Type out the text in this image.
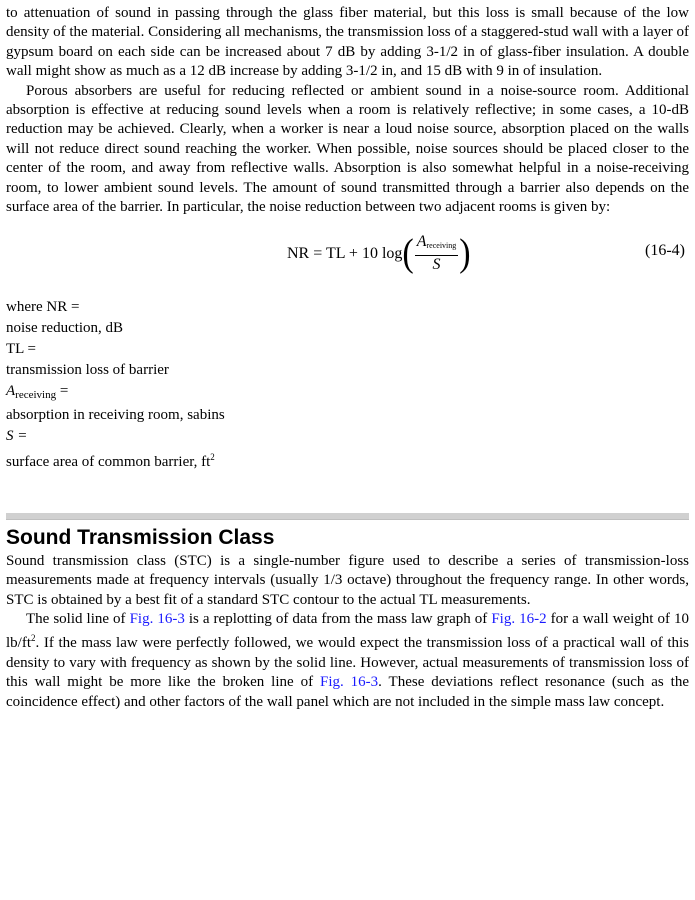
to attenuation of sound in passing through the glass fiber material, but this loss is small because of the low density of the material. Considering all mechanisms, the transmission loss of a staggered-stud wall with a layer of gypsum board on each side can be increased about 7 dB by adding 3-1/2 in of glass-fiber insulation. A double wall might show as much as a 12 dB increase by adding 3-1/2 in, and 15 dB with 9 in of insulation.

Porous absorbers are useful for reducing reflected or ambient sound in a noise-source room. Additional absorption is effective at reducing sound levels when a room is relatively reflective; in some cases, a 10-dB reduction may be achieved. Clearly, when a worker is near a loud noise source, absorption placed on the walls will not reduce direct sound reaching the worker. When possible, noise sources should be placed closer to the center of the room, and away from reflective walls. Absorption is also somewhat helpful in a noise-receiving room, to lower ambient sound levels. The amount of sound transmitted through a barrier also depends on the surface area of the barrier. In particular, the noise reduction between two adjacent rooms is given by:

NR = TL + 10 log ( $\frac{\text{Areceiving}}{S}$ )	(16-4)
where NR =
noise reduction, dB
TL =
transmission loss of barrier
$A_{receiving}$ =
absorption in receiving room, sabins
S =
surface area of common barrier, $ft^2$
Sound Transmission Class

Sound transmission class (STC) is a single-number figure used to describe a series of transmission-loss measurements made at frequency intervals (usually 1/3 octave) throughout the frequency range. In other words, STC is obtained by a best fit of a standard STC contour to the actual TL measurements.

The solid line of Fig. 16-3 is a replotting of data from the mass law graph of Fig. 16-2 for a wall weight of 10 $lb/ft^2$. If the mass law were perfectly followed, we would expect the transmission loss of a practical wall of this density to vary with frequency as shown by the solid line. However, actual measurements of transmission loss of this wall might be more like the broken line of Fig. 16-3. These deviations reflect resonance (such as the coincidence effect) and other factors of the wall panel which are not included in the simple mass law concept.
